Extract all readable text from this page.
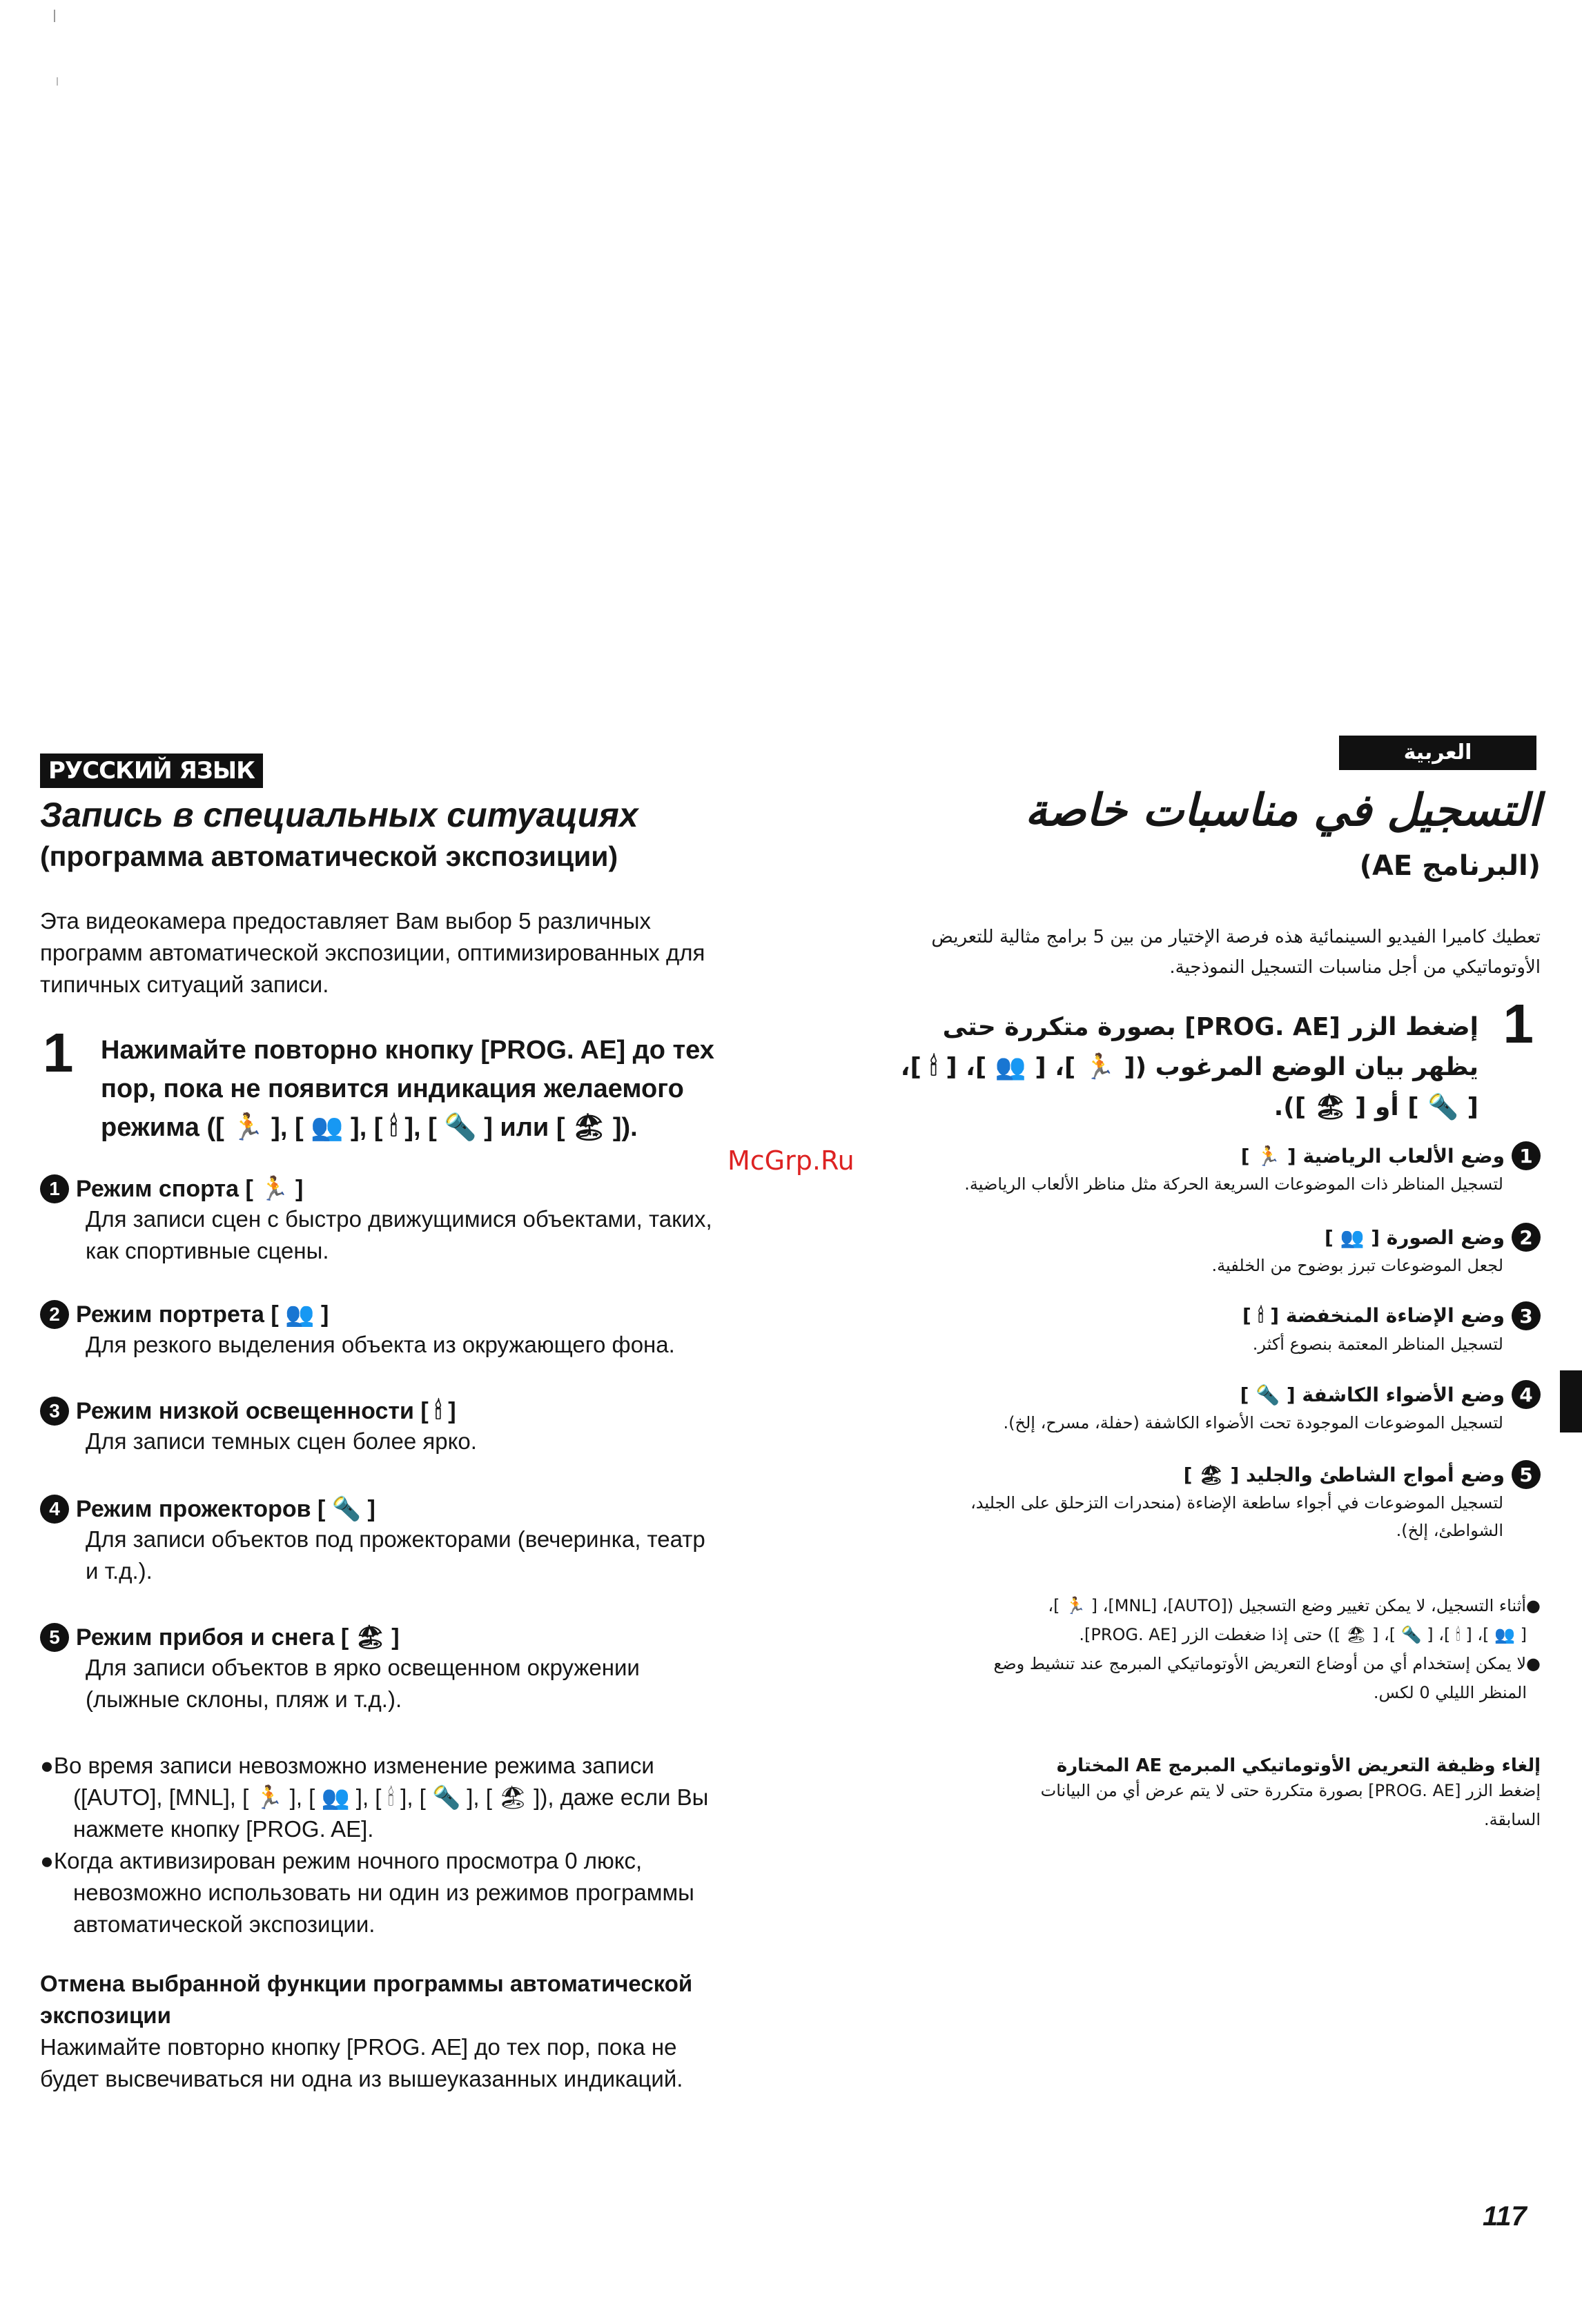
РУССКИЙ ЯЗЫК
Запись в специальных ситуациях
(программа автоматической экспозиции)
Эта видеокамера предоставляет Вам выбор 5 различных
программ автоматической экспозиции, оптимизированных для
типичных ситуаций записи.
1 Нажимайте повторно кнопку [PROG. AE] до тех
пор, пока не появится индикация желаемого
режима ([ 🏃 ], [ 👥 ], [ 🕯 ], [ 🔦 ] или [ 🏖 ]).
1 Режим спорта [ 🏃 ]
Для записи сцен с быстро движущимися объектами, таких,
как спортивные сцены.
2 Режим портрета [ 👥 ]
Для резкого выделения объекта из окружающего фона.
3 Режим низкой освещенности [ 🕯 ]
Для записи темных сцен более ярко.
4 Режим прожекторов [ 🔦 ]
Для записи объектов под прожекторами (вечеринка, театр
и т.д.).
5 Режим прибоя и снега [ 🏖 ]
Для записи объектов в ярко освещенном окружении
(лыжные склоны, пляж и т.д.).
●Во время записи невозможно изменение режима записи
([AUTO], [MNL], [ 🏃 ], [ 👥 ], [ 🕯 ], [ 🔦 ], [ 🏖 ]), даже если Вы
нажмете кнопку [PROG. AE].
●Когда активизирован режим ночного просмотра 0 люкс,
невозможно использовать ни один из режимов программы
автоматической экспозиции.
Отмена выбранной функции программы автоматической
экспозиции
Нажимайте повторно кнопку [PROG. AE] до тех пор, пока не
будет высвечиваться ни одна из вышеуказанных индикаций.
McGrp.Ru
العربية
التسجيل في مناسبات خاصة
(البرنامج AE)
تعطيك كاميرا الفيديو السينمائية هذه فرصة الإختيار من بين 5 برامج مثالية للتعريض
الأوتوماتيكي من أجل مناسبات التسجيل النموذجية.
1
إضغط الزر [PROG. AE] بصورة متكررة حتى
يظهر بيان الوضع المرغوب ([ 🏃 ]، [ 👥 ]، [ 🕯 ]،
[ 🔦 ] أو [ 🏖 ]).
1
وضع الألعاب الرياضية [ 🏃 ]
لتسجيل المناظر ذات الموضوعات السريعة الحركة مثل مناظر الألعاب الرياضية.
2
وضع الصورة [ 👥 ]
لجعل الموضوعات تبرز بوضوح من الخلفية.
3
وضع الإضاءة المنخفضة [ 🕯 ]
لتسجيل المناظر المعتمة بنصوع أكثر.
4
وضع الأضواء الكاشفة [ 🔦 ]
لتسجيل الموضوعات الموجودة تحت الأضواء الكاشفة (حفلة، مسرح، إلخ).
5
وضع أمواج الشاطئ والجليد [ 🏖 ]
لتسجيل الموضوعات في أجواء ساطعة الإضاءة (منحدرات التزحلق على الجليد،
الشواطئ، إلخ).
●أثناء التسجيل، لا يمكن تغيير وضع التسجيل ([AUTO]، [MNL]، [ 🏃 ]،
[ 👥 ]، [ 🕯 ]، [ 🔦 ]، [ 🏖 ]) حتى إذا ضغطت الزر [PROG. AE].
●لا يمكن إستخدام أي من أوضاع التعريض الأوتوماتيكي المبرمج عند تنشيط وضع
المنظر الليلي 0 لكس.
إلغاء وظيفة التعريض الأوتوماتيكي المبرمج AE المختارة
إضغط الزر [PROG. AE] بصورة متكررة حتى لا يتم عرض أي من البيانات
السابقة.
117
